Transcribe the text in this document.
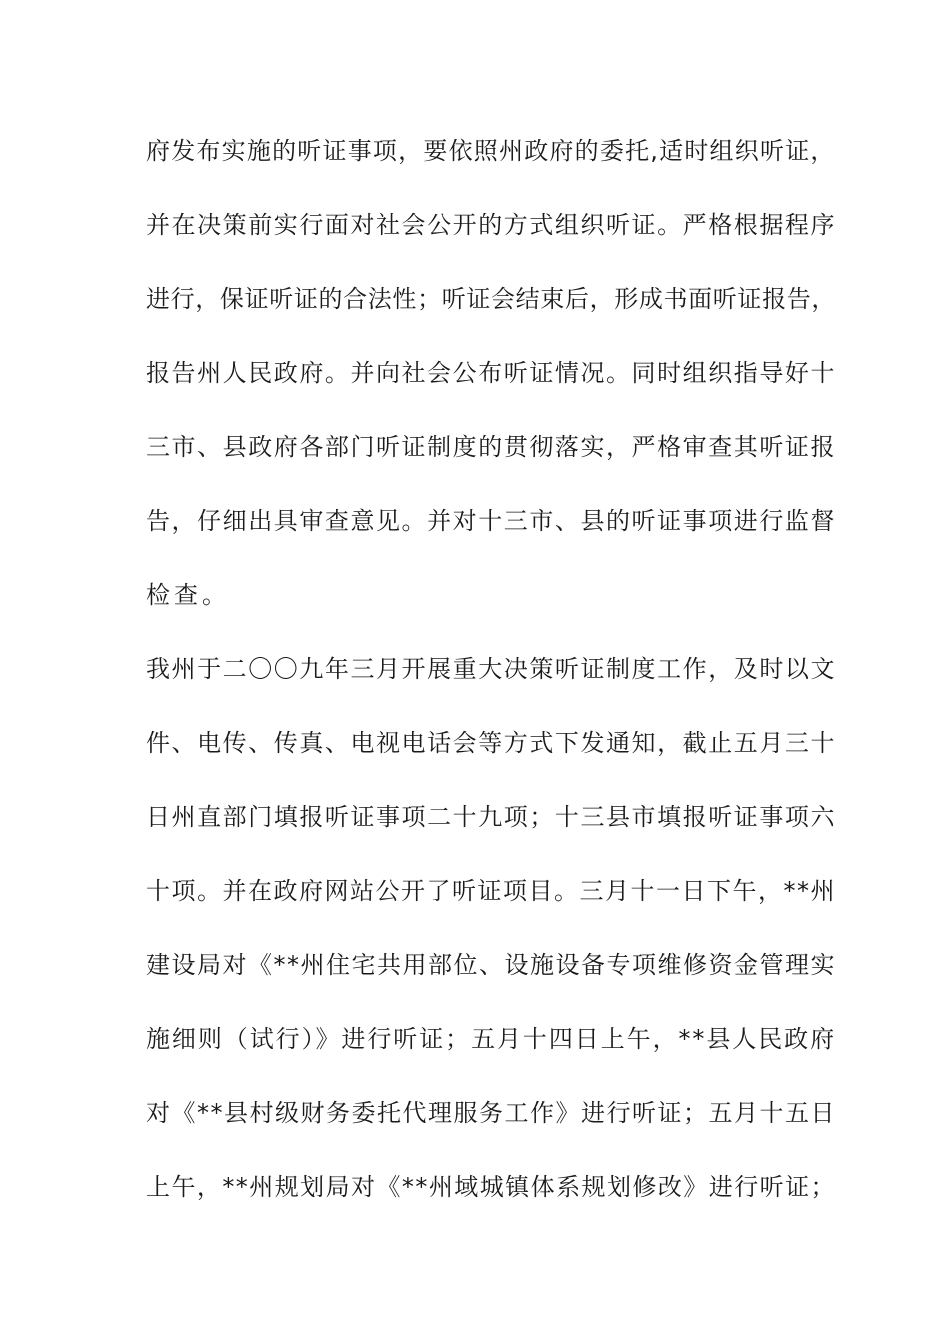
府发布实施的听证事项，要依照州政府的委托,适时组织听证，
并在决策前实行面对社会公开的方式组织听证。严格根据程序
进行，保证听证的合法性；听证会结束后，形成书面听证报告，
报告州人民政府。并向社会公布听证情况。同时组织指导好十
三市、县政府各部门听证制度的贯彻落实，严格审查其听证报
告，仔细出具审查意见。并对十三市、县的听证事项进行监督
检查。
我州于二〇〇九年三月开展重大决策听证制度工作，及时以文
件、电传、传真、电视电话会等方式下发通知，截止五月三十
日州直部门填报听证事项二十九项；十三县市填报听证事项六
十项。并在政府网站公开了听证项目。三月十一日下午，**州
建设局对《**州住宅共用部位、设施设备专项维修资金管理实
施细则（试行）》进行听证；五月十四日上午，**县人民政府
对《**县村级财务委托代理服务工作》进行听证；五月十五日
上午，**州规划局对《**州域城镇体系规划修改》进行听证；
